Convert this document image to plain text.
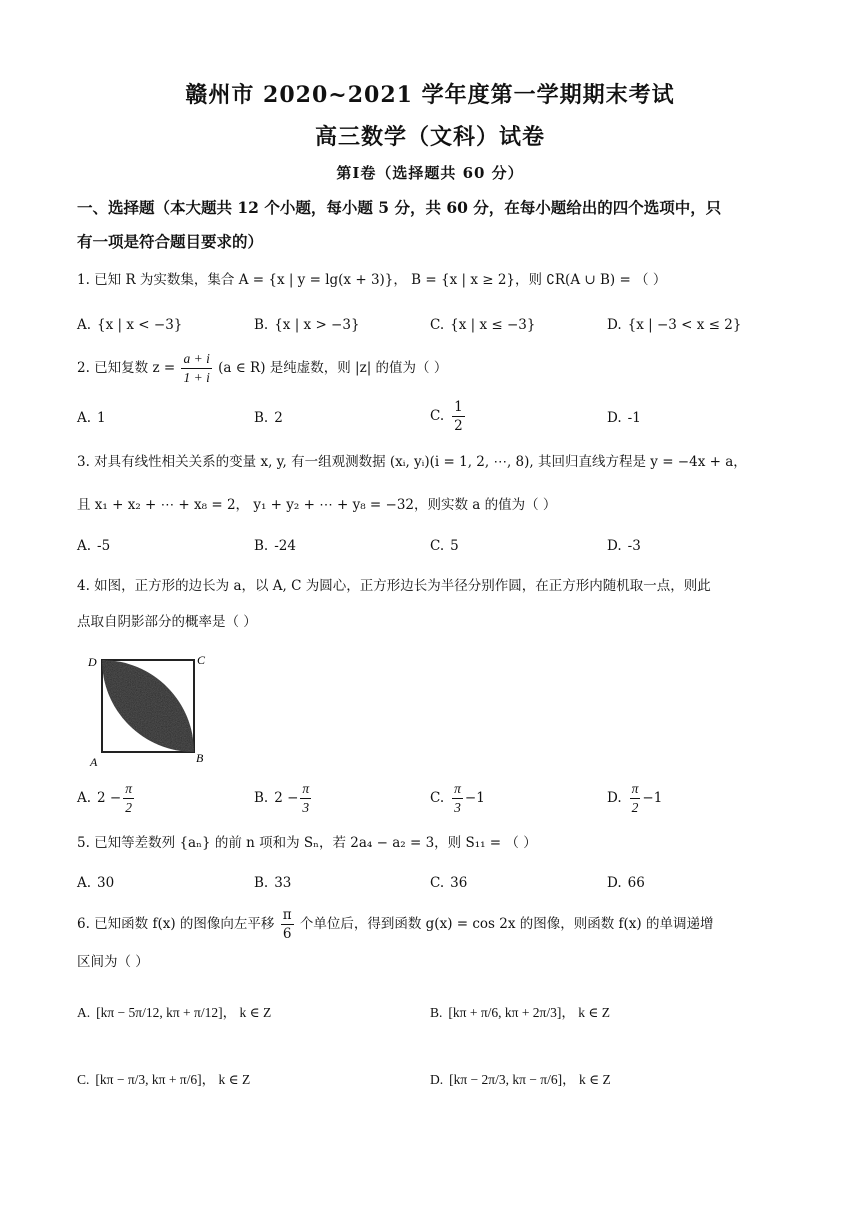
赣州市 2020~2021 学年度第一学期期末考试
高三数学（文科）试卷
第Ⅰ卷（选择题共 60 分）
一、选择题（本大题共 12 个小题，每小题 5 分，共 60 分，在每小题给出的四个选项中，只
有一项是符合题目要求的）
1. 已知 R 为实数集，集合 A = {x | y = lg(x + 3)}， B = {x | x ≥ 2}，则 ∁R(A ∪ B) = （ ）
A. {x | x < −3}	B. {x | x > −3}	C. {x | x ≤ −3}	D. {x | −3 < x ≤ 2}
2. 已知复数 $z = \frac{a + i}{1 + i} (a$ ∈ R) 是纯虚数，则 |z| 的值为（ ）
A. 1	B. 2	C. $\frac{1}{2}$	D. -1
3. 对具有线性相关关系的变量 x, y, 有一组观测数据 (xᵢ, yᵢ)(i = 1, 2, ⋯, 8), 其回归直线方程是 y = −4x + a，
且 x₁ + x₂ + ⋯ + x₈ = 2， y₁ + y₂ + ⋯ + y₈ = −32，则实数 a 的值为（ ）
A. -5	B. -24	C. 5	D. -3
4. 如图，正方形的边长为 a，以 A, C 为圆心，正方形边长为半径分别作圆，在正方形内随机取一点，则此
点取自阴影部分的概率是（ ）
D	C
A	B
A. $2 - \frac{\pi}{2}$	B. $2 - \frac{\pi}{3}$	C. $\frac{\pi}{3} -1$	D. $\frac{\pi}{2} -1$
5. 已知等差数列 {aₙ} 的前 n 项和为 Sₙ，若 2a₄ − a₂ = 3，则 S₁₁ = （ ）
A. 30	B. 33	C. 36	D. 66
6. 已知函数 f(x) 的图像向左平移 $\frac{\pi}{6}$ 个单位后，得到函数 g(x) = cos 2x 的图像，则函数 f(x) 的单调递增
区间为（ ）
A. [kπ − 5π/12, kπ + π/12]， k ∈ Z	B. [kπ + π/6, kπ + 2π/3]， k ∈ Z
C. [kπ − π/3, kπ + π/6]， k ∈ Z	D. [kπ − 2π/3, kπ − π/6]， k ∈ Z
